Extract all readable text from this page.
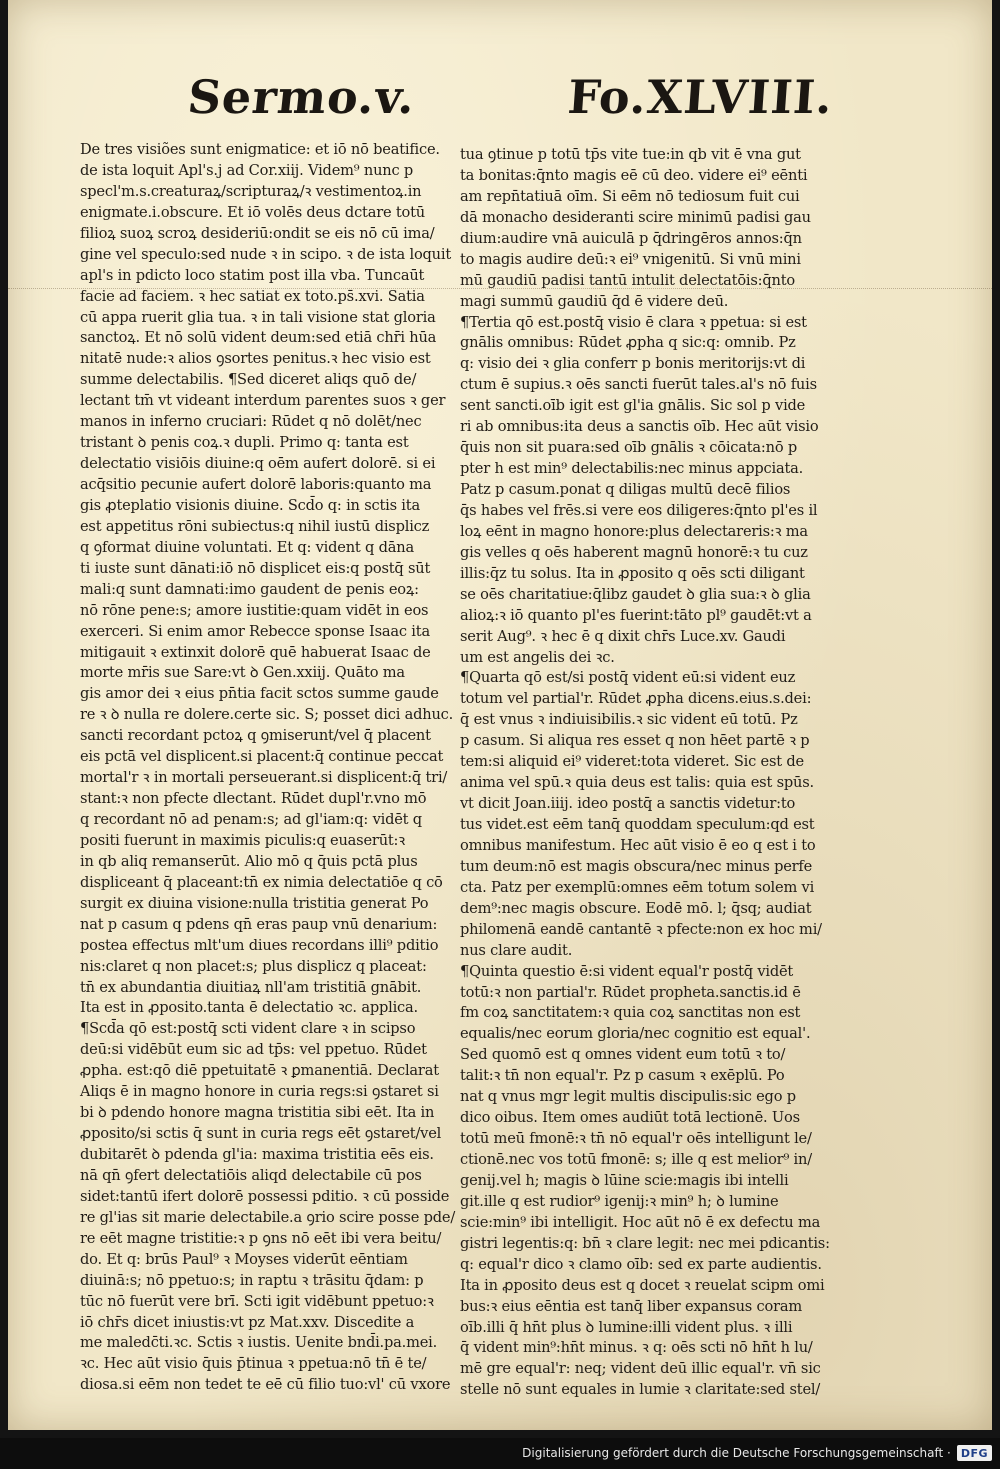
Sermo.v.	Fo.XLVIII.
De tres visiões sunt enigmatice: et iō nō beatifice.
de ista loquit Apl's.j ad Cor.xiij. Videm⁹ nunc p
specl'm.s.creaturaꝝ/scripturaꝝ/ꝛ vestimentoꝝ.in
enigmate.i.obscure. Et iō volēs deus dctare totū
filioꝝ suoꝝ scroꝝ desideriū:ondit se eis nō cū ima/
gine vel speculo:sed nude ꝛ in scipo. ꝛ de ista loquit
apl's in pdicto loco statim post illa vba. Tuncaūt
facie ad faciem. ꝛ hec satiat ex toto.ps̄.xvi. Satia
cū appa ruerit glia tua. ꝛ in tali visione stat gloria
sanctoꝝ. Et nō solū vident deum:sed etiā chr̄i hūa
nitatē nude:ꝛ alios ꝯsortes penitus.ꝛ hec visio est
summe delectabilis. ¶Sed diceret aliqs quō de/
lectant tm̄ vt videant interdum parentes suos ꝛ ger
manos in inferno cruciari: Rūdet q nō dolēt/nec
tristant ꝺ penis coꝝ.ꝛ dupli. Primo q: tanta est
delectatio visiōis diuine:q oēm aufert dolorē. si ei
acq̄sitio pecunie aufert dolorē laboris:quanto ma
gis ꝓteplatio visionis diuine. Scd̄o q: in sctis ita
est appetitus rōni subiectus:q nihil iustū displicz
q ꝯformat diuine voluntati. Et q: vident q dāna
ti iuste sunt dānati:iō nō displicet eis:q postq̄ sūt
mali:q sunt damnati:imo gaudent de penis eoꝝ:
nō rōne pene:s; amore iustitie:quam vidēt in eos
exerceri. Si enim amor Rebecce sponse Isaac ita
mitigauit ꝛ extinxit dolorē quē habuerat Isaac de
morte mr̄is sue Sare:vt ꝺ Gen.xxiij. Quāto ma
gis amor dei ꝛ eius pn̄tia facit sctos summe gaude
re ꝛ ꝺ nulla re dolere.certe sic. S; posset dici adhuc.
sancti recordant pctoꝝ q ꝯmiserunt/vel q̄ placent
eis pctā vel displicent.si placent:q̄ continue peccat
mortal'r ꝛ in mortali perseuerant.si displicent:q̄ tri/
stant:ꝛ non pfecte dlectant. Rūdet dupl'r.vno mō
q recordant nō ad penam:s; ad gl'iam:q: vidēt q
positi fuerunt in maximis piculis:q euaserūt:ꝛ
in qb aliq remanserūt. Alio mō q q̄uis pctā plus
displiceant q̄ placeant:tn̄ ex nimia delectatiōe q cō
surgit ex diuina visione:nulla tristitia generat Po
nat p casum q pdens qn̄ eras paup vnū denarium:
postea effectus mlt'um diues recordans illi⁹ pditio
nis:claret q non placet:s; plus displicz q placeat:
tn̄ ex abundantia diuitiaꝝ nll'am tristitiā gnābit.
Ita est in ꝓposito.tanta ē delectatio ꝛc. applica.
¶Scd̄a qō est:postq̄ scti vident clare ꝛ in scipso
deū:si vidēbūt eum sic ad tp̄s: vel ppetuo. Rūdet
ꝓpha. est:qō diē ppetuitatē ꝛ ꝑmanentiā. Declarat
Aliqs ē in magno honore in curia regs:si ꝯstaret si
bi ꝺ pdendo honore magna tristitia sibi eēt. Ita in
ꝓposito/si sctis q̄ sunt in curia regs eēt ꝯstaret/vel
dubitarēt ꝺ pdenda gl'ia: maxima tristitia eēs eis.
nā qn̄ ꝯfert delectatiōis aliqd delectabile cū pos
sidet:tantū ifert dolorē possessi pditio. ꝛ cū posside
re gl'ias sit marie delectabile.a ꝯrio scire posse pde/
re eēt magne tristitie:ꝛ p ꝯns nō eēt ibi vera beitu/
do. Et q: brūs Paul⁹ ꝛ Moyses viderūt eēntiam
diuinā:s; nō ppetuo:s; in raptu ꝛ trāsitu q̄dam: p
tūc nō fuerūt vere brī. Scti igit vidēbunt ppetuo:ꝛ
iō chr̄s dicet iniustis:vt pz Mat.xxv. Discedite a
me maledc̄ti.ꝛc. Sctis ꝛ iustis. Uenite bnd̄i.pa.mei.
ꝛc. Hec aūt visio q̄uis p̄tinua ꝛ ppetua:nō tn̄ ē te/
diosa.si eēm non tedet te eē cū filio tuo:vl' cū vxore
tua ꝯtinue p totū tp̄s vite tue:in qb vit ē vna gut
ta bonitas:q̄nto magis eē cū deo. videre ei⁹ eēnti
am repn̄tatiuā oīm. Si eēm nō tediosum fuit cui
dā monacho desideranti scire minimū padisi gau
dium:audire vnā auiculā p q̄dringēros annos:q̄n
to magis audire deū:ꝛ ei⁹ vnigenitū. Si vnū mini
mū gaudiū padisi tantū intulit delectatōis:q̄nto
magi summū gaudiū q̄d ē videre deū.
¶Tertia qō est.postq̄ visio ē clara ꝛ ppetua: si est
gnālis omnibus: Rūdet ꝓpha q sic:q: omnib. Pz
q: visio dei ꝛ glia conferr p bonis meritorijs:vt di
ctum ē supius.ꝛ oēs sancti fuerūt tales.al's nō fuis
sent sancti.oīb igit est gl'ia gnālis. Sic sol p vide
ri ab omnibus:ita deus a sanctis oīb. Hec aūt visio
q̄uis non sit puara:sed oīb gnālis ꝛ cōicata:nō p
pter h est min⁹ delectabilis:nec minus appciata.
Patz p casum.ponat q diligas multū decē filios
q̄s habes vel frēs.si vere eos diligeres:q̄nto pl'es il
loꝝ eēnt in magno honore:plus delectareris:ꝛ ma
gis velles q oēs haberent magnū honorē:ꝛ tu cuz
illis:q̄z tu solus. Ita in ꝓposito q oēs scti diligant
se oēs charitatiue:q̄libz gaudet ꝺ glia sua:ꝛ ꝺ glia
alioꝝ:ꝛ iō quanto pl'es fuerint:tāto pl⁹ gaudēt:vt a
serit Aug⁹. ꝛ hec ē q dixit chr̄s Luce.xv. Gaudi
um est angelis dei ꝛc.
¶Quarta qō est/si postq̄ vident eū:si vident euz
totum vel partial'r. Rūdet ꝓpha dicens.eius.s.dei:
q̄ est vnus ꝛ indiuisibilis.ꝛ sic vident eū totū. Pz
p casum. Si aliqua res esset q non hēet partē ꝛ p
tem:si aliquid ei⁹ videret:tota videret. Sic est de
anima vel spū.ꝛ quia deus est talis: quia est spūs.
vt dicit Joan.iiij. ideo postq̄ a sanctis videtur:to
tus videt.est eēm tanq̄ quoddam speculum:qd est
omnibus manifestum. Hec aūt visio ē eo q est i to
tum deum:nō est magis obscura/nec minus perfe
cta. Patz per exemplū:omnes eēm totum solem vi
dem⁹:nec magis obscure. Eodē mō. l; q̄sq; audiat
philomenā eandē cantantē ꝛ pfecte:non ex hoc mi/
nus clare audit.
¶Quinta questio ē:si vident equal'r postq̄ vidēt
totū:ꝛ non partial'r. Rūdet propheta.sanctis.id ē
fm coꝝ sanctitatem:ꝛ quia coꝝ sanctitas non est
equalis/nec eorum gloria/nec cognitio est equal'.
Sed quomō est q omnes vident eum totū ꝛ to/
talit:ꝛ tn̄ non equal'r. Pz p casum ꝛ exēplū. Po
nat q vnus mgr legit multis discipulis:sic ego p
dico oibus. Item omes audiūt totā lectionē. Uos
totū meū fmonē:ꝛ tn̄ nō equal'r oēs intelligunt le/
ctionē.nec vos totū fmonē: s; ille q est melior⁹ in/
genij.vel h; magis ꝺ lūine scie:magis ibi intelli
git.ille q est rudior⁹ igenij:ꝛ min⁹ h; ꝺ lumine
scie:min⁹ ibi intelligit. Hoc aūt nō ē ex defectu ma
gistri legentis:q: bn̄ ꝛ clare legit: nec mei pdicantis:
q: equal'r dico ꝛ clamo oīb: sed ex parte audientis.
Ita in ꝓposito deus est q docet ꝛ reuelat scipm omi
bus:ꝛ eius eēntia est tanq̄ liber expansus coram
oīb.illi q̄ hn̄t plus ꝺ lumine:illi vident plus. ꝛ illi
q̄ vident min⁹:hn̄t minus. ꝛ q: oēs scti nō hn̄t h lu/
mē gre equal'r: neq; vident deū illic equal'r. vn̄ sic
stelle nō sunt equales in lumie ꝛ claritate:sed stel/
Digitalisierung gefördert durch die Deutsche Forschungsgemeinschaft · DFG
